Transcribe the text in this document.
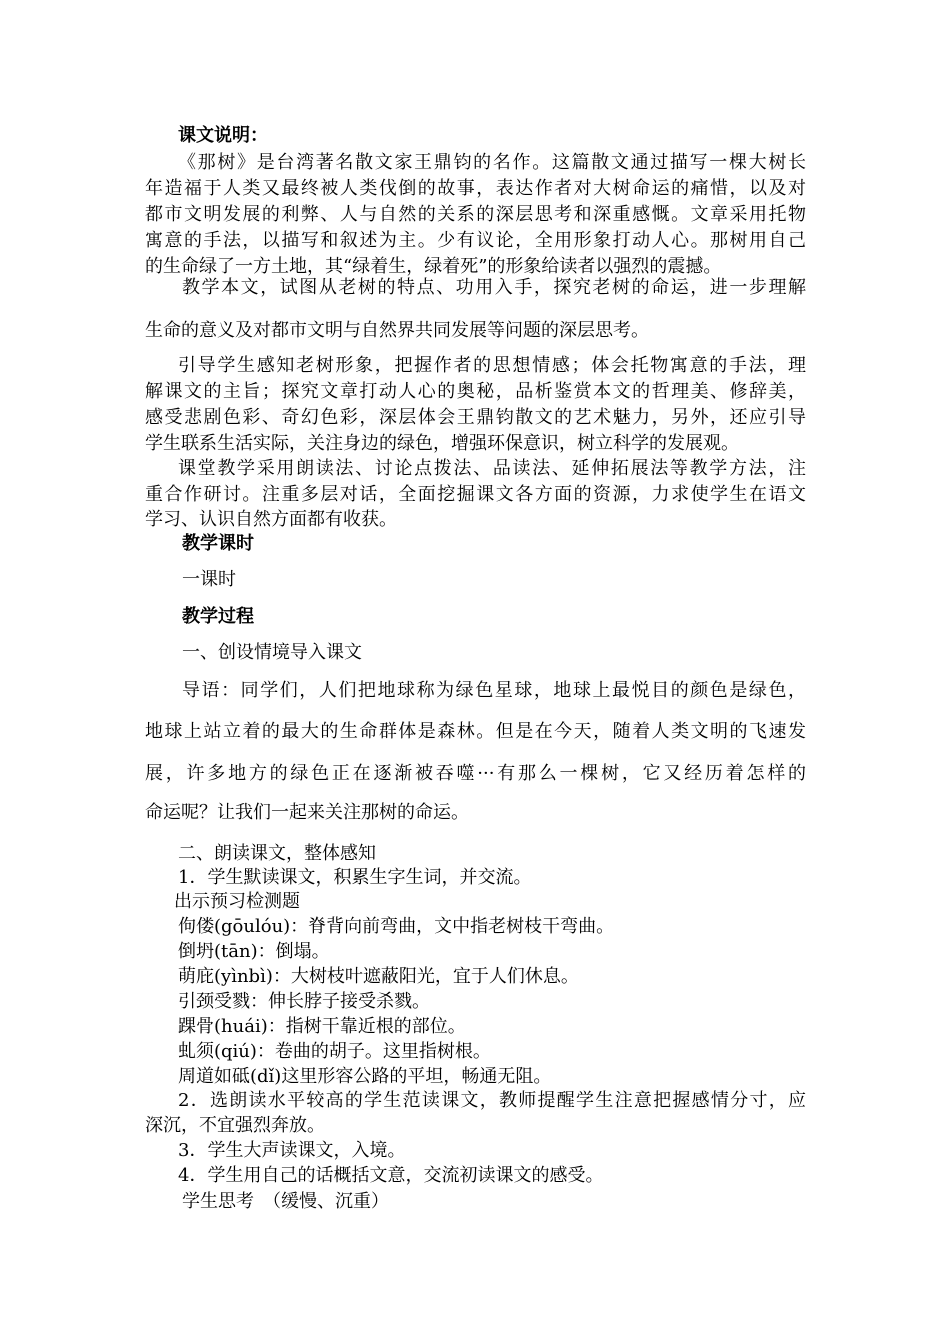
课文说明：
《那树》是台湾著名散文家王鼎钧的名作。这篇散文通过描写一棵大树长
年造福于人类又最终被人类伐倒的故事，表达作者对大树命运的痛惜，以及对
都市文明发展的利弊、人与自然的关系的深层思考和深重感慨。文章采用托物
寓意的手法，以描写和叙述为主。少有议论，全用形象打动人心。那树用自己
的生命绿了一方土地，其“绿着生，绿着死”的形象给读者以强烈的震撼。
教学本文，试图从老树的特点、功用入手，探究老树的命运，进一步理解
生命的意义及对都市文明与自然界共同发展等问题的深层思考。
引导学生感知老树形象，把握作者的思想情感；体会托物寓意的手法，理
解课文的主旨；探究文章打动人心的奥秘，品析鉴赏本文的哲理美、修辞美，
感受悲剧色彩、奇幻色彩，深层体会王鼎钧散文的艺术魅力，另外，还应引导
学生联系生活实际，关注身边的绿色，增强环保意识，树立科学的发展观。
课堂教学采用朗读法、讨论点拨法、品读法、延伸拓展法等教学方法，注
重合作研讨。注重多层对话，全面挖掘课文各方面的资源，力求使学生在语文
学习、认识自然方面都有收获。
教学课时
一课时
教学过程
一、创设情境导入课文
导语：同学们，人们把地球称为绿色星球，地球上最悦目的颜色是绿色，
地球上站立着的最大的生命群体是森林。但是在今天，随着人类文明的飞速发
展，许多地方的绿色正在逐渐被吞噬···有那么一棵树，它又经历着怎样的
命运呢？让我们一起来关注那树的命运。
二、朗读课文，整体感知
1．学生默读课文，积累生字生词，并交流。
出示预习检测题
佝偻(gōulóu)：脊背向前弯曲，文中指老树枝干弯曲。
倒坍(tān)：倒塌。
萌庇(yìnbì)：大树枝叶遮蔽阳光，宜于人们休息。
引颈受戮：伸长脖子接受杀戮。
踝骨(huái)：指树干靠近根的部位。
虬须(qiú)：卷曲的胡子。这里指树根。
周道如砥(dǐ)这里形容公路的平坦，畅通无阻。
2．选朗读水平较高的学生范读课文，教师提醒学生注意把握感情分寸，应
深沉，不宜强烈奔放。
3．学生大声读课文，入境。
4．学生用自己的话概括文意，交流初读课文的感受。
学生思考　（缓慢、沉重）
